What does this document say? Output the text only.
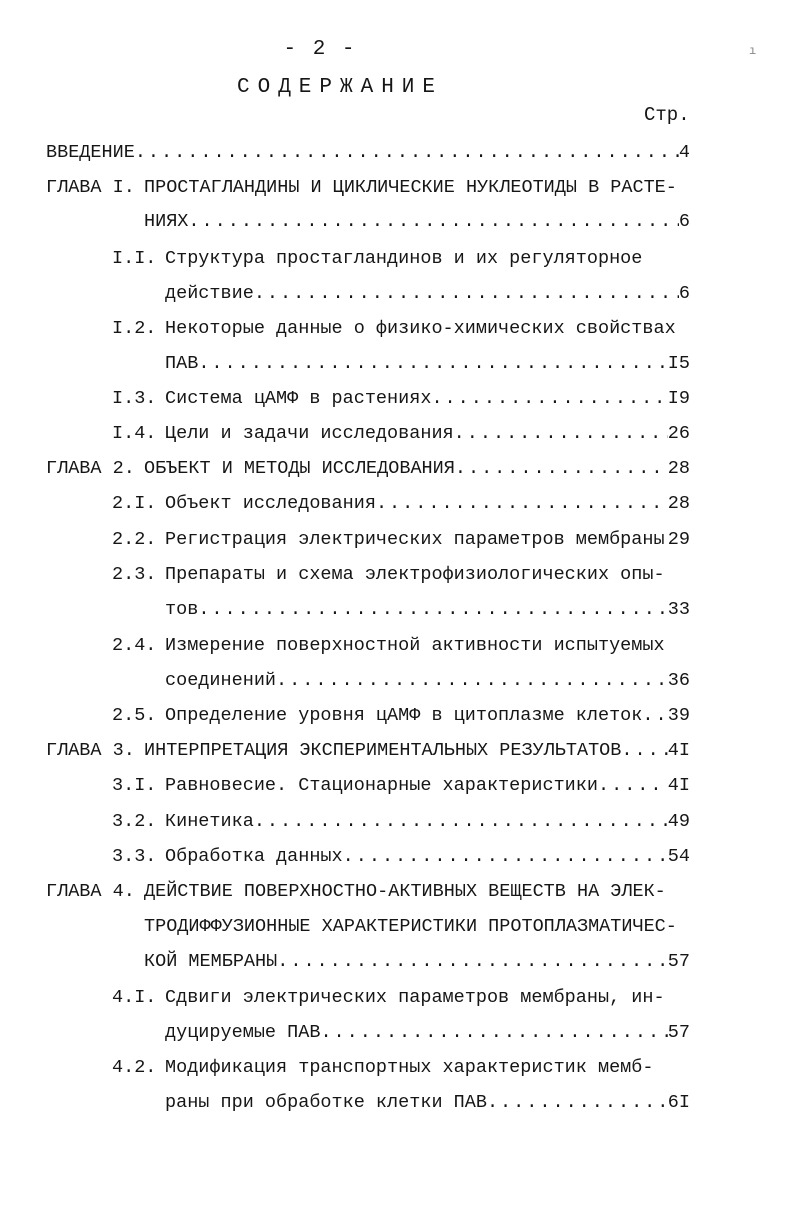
- 2 -
СОДЕРЖАНИЕ
Стр.
ı
ВВЕДЕНИЕ .....	4
ГЛАВА I. ПРОСТАГЛАНДИНЫ И ЦИКЛИЧЕСКИЕ НУКЛЕОТИДЫ В РАСТЕ-
НИЯХ .....	6
I.I. Структура простагландинов и их регуляторное
действие .....	6
I.2. Некоторые данные о физико-химических свойствах
ПАВ .....	I5
I.3. Система цАМФ в растениях .....	I9
I.4. Цели и задачи исследования .....	26
ГЛАВА 2. ОБЪЕКТ И МЕТОДЫ ИССЛЕДОВАНИЯ .....	28
2.I. Объект исследования .....	28
2.2. Регистрация электрических параметров мембраны ..... 29
2.3. Препараты и схема электрофизиологических опы-
тов .....	33
2.4. Измерение поверхностной активности испытуемых
соединений .....	36
2.5. Определение уровня цАМФ в цитоплазме клеток ..... 39
ГЛАВА 3. ИНТЕРПРЕТАЦИЯ ЭКСПЕРИМЕНТАЛЬНЫХ РЕЗУЛЬТАТОВ .....	4I
3.I. Равновесие. Стационарные характеристики .....	4I
3.2. Кинетика .....	49
3.3. Обработка данных .....	54
ГЛАВА 4. ДЕЙСТВИЕ ПОВЕРХНОСТНО-АКТИВНЫХ ВЕЩЕСТВ НА ЭЛЕК-
ТРОДИФФУЗИОННЫЕ ХАРАКТЕРИСТИКИ ПРОТОПЛАЗМАТИЧЕС-
КОЙ МЕМБРАНЫ .....	57
4.I. Сдвиги электрических параметров мембраны, ин-
дуцируемые ПАВ .....	57
4.2. Модификация транспортных характеристик мемб-
раны при обработке клетки ПАВ .....	6I
